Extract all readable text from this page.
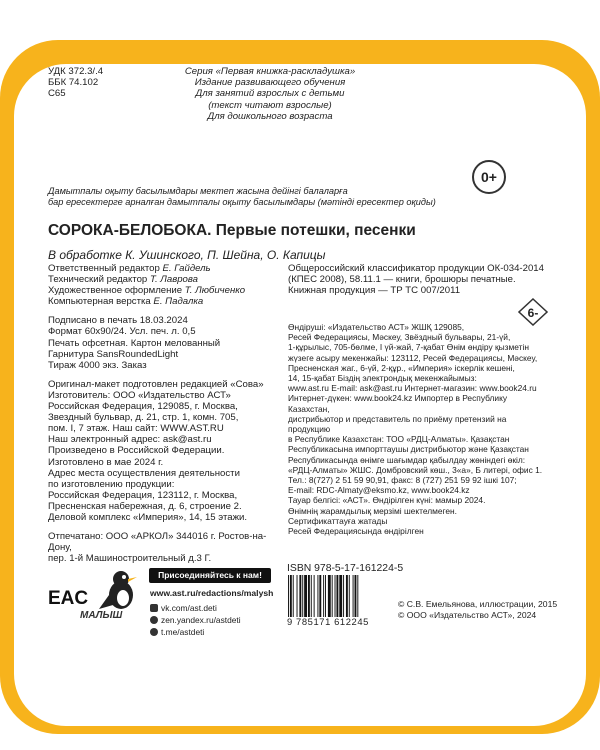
УДК 372.3/.4
ББК 74.102
С65
Серия «Первая книжка-раскладушка»
Издание развивающего обучения
Для занятий взрослых с детьми
(текст читают взрослые)
Для дошкольного возраста
0+
Дамытпалы оқыту басылымдары мектеп жасына дейінгі балаларға
бар ересектерге арналған дамытпалы оқыту басылымдары (мәтіндi ересектер оқиды)
СОРОКА-БЕЛОБОКА. Первые потешки, песенки
В обработке К. Ушинского, П. Шейна, О. Капицы

Ответственный редактор Е. Гайдель

Технический редактор Т. Лаврова

Художественное оформление Т. Любиченко

Компьютерная верстка Е. Падалка

Подписано в печать 18.03.2024

Формат 60x90/24. Усл. печ. л. 0,5

Печать офсетная. Картон мелованный

Гарнитура SansRoundedLight

Тираж 4000 экз. Заказ

Оригинал-макет подготовлен редакцией «Сова»

Изготовитель: ООО «Издательство АСТ»

Российская Федерация, 129085, г. Москва,

Звездный бульвар, д. 21, стр. 1, комн. 705,

пом. I, 7 этаж. Наш сайт: WWW.AST.RU

Наш электронный адрес: ask@ast.ru

Произведено в Российской Федерации.

Изготовлено в мае 2024 г.

Адрес места осуществления деятельности

по изготовлению продукции:

Российская Федерация, 123112, г. Москва,

Пресненская набережная, д. 6, строение 2.

Деловой комплекс «Империя», 14, 15 этажи.

Отпечатано: ООО «АРКОЛ» 344016 г. Ростов-на-Дону,

пер. 1-й Машиностроительный д.3 Г.

Общероссийский классификатор продукции ОК-034-2014

(КПЕС 2008), 58.11.1 — книги, брошюры печатные.

Книжная продукция — ТР ТС 007/2011

6-

Өндіруші: «Издательство АСТ» ЖШҚ 129085,

Ресей Федерациясы, Мәскеу, Звёздный бульвары, 21-үй,

1-құрылыс, 705-бөлме, I үй-жай, 7-қабат Өнім өндіру қызметін

жүзеге асыру мекенжайы: 123112, Ресей Федерациясы, Мәскеу,

Пресненская жаг., 6-үй, 2-құр., «Империя» іскерлік кешені,

14, 15-қабат Біздің электрондық мекенжайымыз:

www.ast.ru E-mail: ask@ast.ru Интернет-магазин: www.book24.ru

Интернет-дүкен: www.book24.kz Импортер в Республику Казахстан,

дистрибьютор и представитель по приёму претензий на продукцию

в Республике Казахстан: ТОО «РДЦ-Алматы». Қазақстан

Республикасына импорттаушы дистрибьютор және Қазақстан

Республикасында өнімге шағымдар қабылдау жөніндегі өкіл:

«РДЦ-Алматы» ЖШС. Домбровский көш., 3«а», Б литері, офис 1.

Тел.: 8(727) 2 51 59 90,91, факс: 8 (727) 251 59 92 ішкі 107;

E-mail: RDC-Almaty@eksmo.kz, www.book24.kz

Тауар белгісі: «АСТ». Өндірілген күні: мамыр 2024.

Өнімнің жарамдылық мерзімі шектелмеген.

Сертификаттауға жатады

Ресей Федерациясында өндірілген

EAC
МАЛЫШ
Присоединяйтесь к нам!
www.ast.ru/redactions/malysh
vk.com/ast.deti
zen.yandex.ru/astdeti
t.me/astdeti
ISBN 978-5-17-161224-5
9 785171 612245
© С.В. Емельянова, иллюстрации, 2015
© ООО «Издательство АСТ», 2024
